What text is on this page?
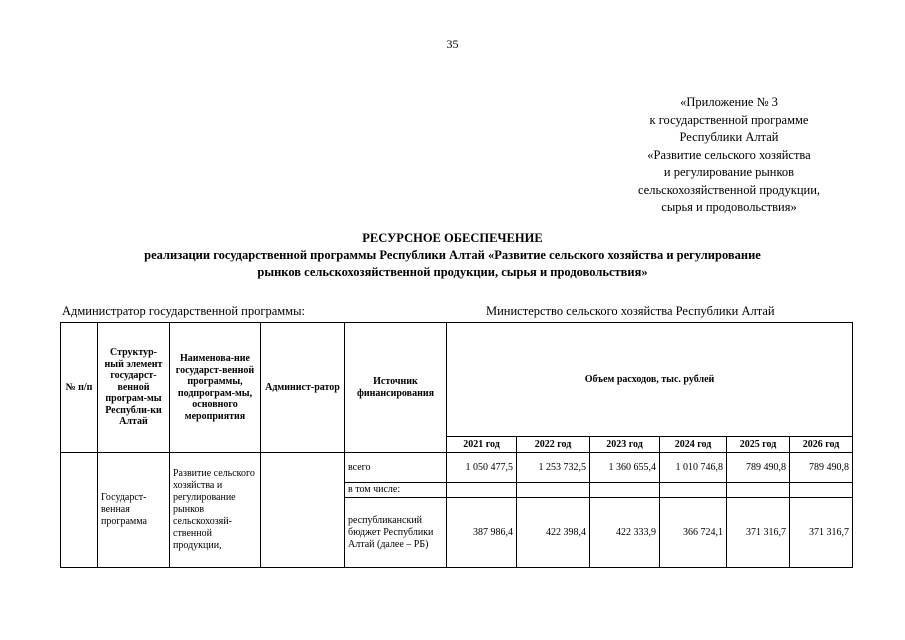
35
«Приложение № 3
к государственной программе
Республики Алтай
«Развитие сельского хозяйства
и регулирование рынков
сельскохозяйственной продукции,
сырья и продовольствия»
РЕСУРСНОЕ ОБЕСПЕЧЕНИЕ
реализации государственной программы Республики Алтай «Развитие сельского хозяйства и регулирование
рынков сельскохозяйственной продукции, сырья и продовольствия»
Администратор государственной программы:	Министерство сельского хозяйства Республики Алтай
№ п/п	Структур-ный элемент государст-венной програм-мы Республи-ки Алтай	Наименова-ние государст-венной программы, подпрограм-мы, основного мероприятия	Админист-ратор	Источник финансирования	Объем расходов, тыс. рублей					
					2021 год	2022 год	2023 год	2024 год	2025 год	2026 год
	Государст-венная программа	Развитие сельского хозяйства и регулирование рынков сельскохозяй-ственной продукции,		всего	1 050 477,5	1 253 732,5	1 360 655,4	1 010 746,8	789 490,8	789 490,8
				в том числе:						
				республиканский бюджет Республики Алтай (далее – РБ)	387 986,4	422 398,4	422 333,9	366 724,1	371 316,7	371 316,7
